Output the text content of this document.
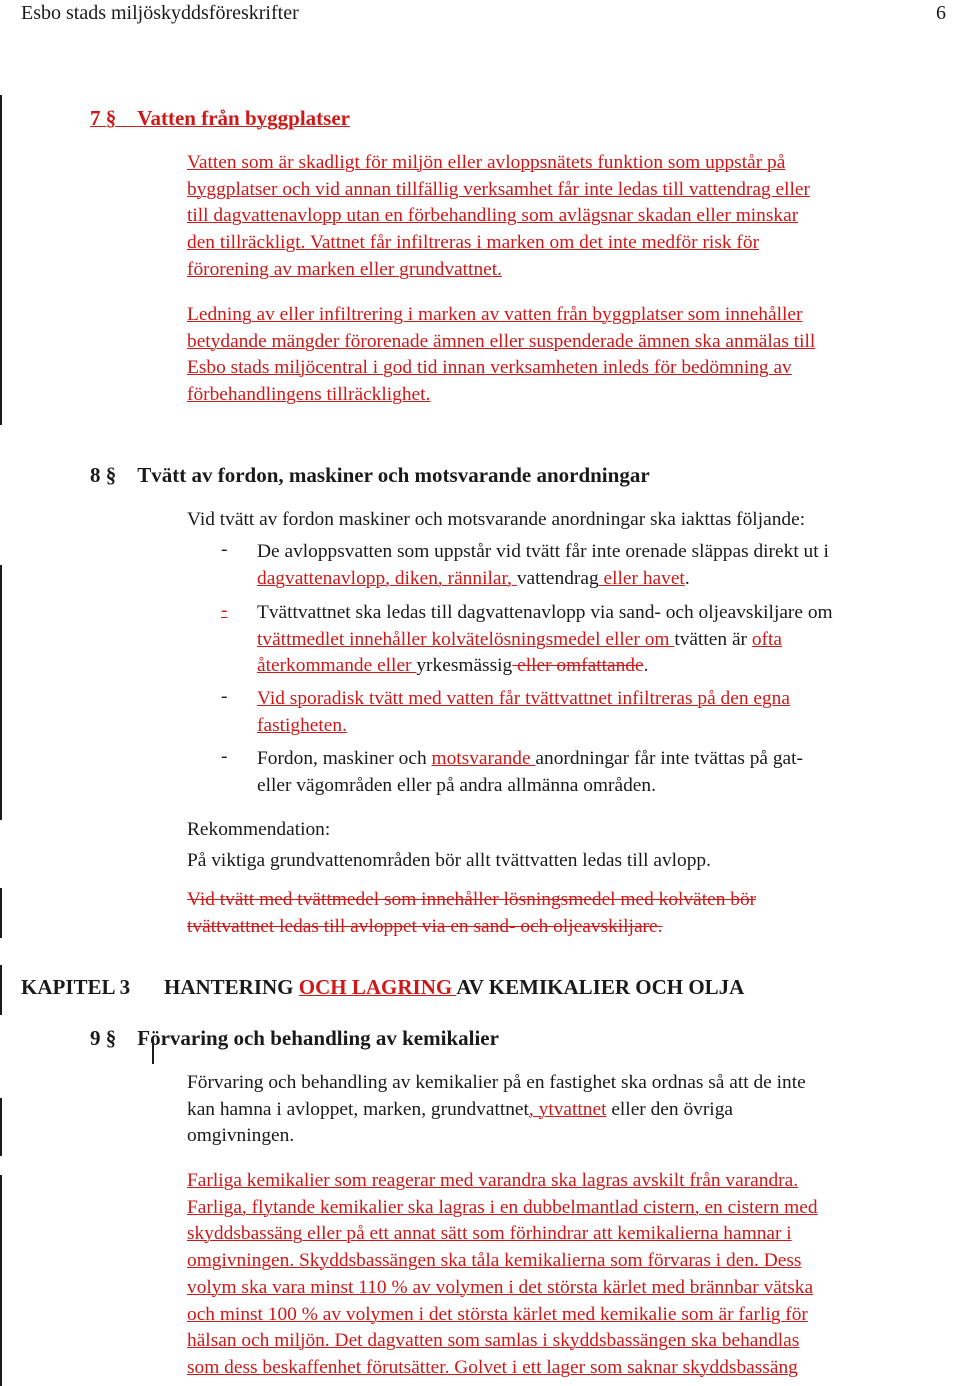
Esbo stads miljöskyddsföreskrifter	6
7 § Vatten från byggplatser

Vatten som är skadligt för miljön eller avloppsnätets funktion som uppstår på

byggplatser och vid annan tillfällig verksamhet får inte ledas till vattendrag eller

till dagvattenavlopp utan en förbehandling som avlägsnar skadan eller minskar

den tillräckligt. Vattnet får infiltreras i marken om det inte medför risk för

förorening av marken eller grundvattnet.

Ledning av eller infiltrering i marken av vatten från byggplatser som innehåller

betydande mängder förorenade ämnen eller suspenderade ämnen ska anmälas till

Esbo stads miljöcentral i god tid innan verksamheten inleds för bedömning av

förbehandlingens tillräcklighet.

8 § Tvätt av fordon, maskiner och motsvarande anordningar
Vid tvätt av fordon maskiner och motsvarande anordningar ska iakttas följande:
- De avloppsvatten som uppstår vid tvätt får inte orenade släppas direkt ut i

dagvattenavlopp, diken, rännilar, vattendrag eller havet.

-	Tvättvattnet ska ledas till dagvattenavlopp via sand- och oljeavskiljare om

tvättmedlet innehåller kolvätelösningsmedel eller om tvätten är ofta

återkommande eller yrkesmässig eller omfattande.

- Vid sporadisk tvätt med vatten får tvättvattnet infiltreras på den egna

fastigheten.

- Fordon, maskiner och motsvarande anordningar får inte tvättas på gat-

eller vägområden eller på andra allmänna områden.

Rekommendation:
På viktiga grundvattenområden bör allt tvättvatten ledas till avlopp.

Vid tvätt med tvättmedel som innehåller lösningsmedel med kolväten bör

tvättvattnet ledas till avloppet via en sand- och oljeavskiljare.

KAPITEL 3 HANTERING OCH LAGRING AV KEMIKALIER OCH OLJA
9 § Förvaring och behandling av kemikalier

Förvaring och behandling av kemikalier på en fastighet ska ordnas så att de inte

kan hamna i avloppet, marken, grundvattnet, ytvattnet eller den övriga

omgivningen.

Farliga kemikalier som reagerar med varandra ska lagras avskilt från varandra.

Farliga, flytande kemikalier ska lagras i en dubbelmantlad cistern, en cistern med

skyddsbassäng eller på ett annat sätt som förhindrar att kemikalierna hamnar i

omgivningen. Skyddsbassängen ska tåla kemikalierna som förvaras i den. Dess

volym ska vara minst 110 % av volymen i det största kärlet med brännbar vätska

och minst 100 % av volymen i det största kärlet med kemikalie som är farlig för

hälsan och miljön. Det dagvatten som samlas i skyddsbassängen ska behandlas

som dess beskaffenhet förutsätter. Golvet i ett lager som saknar skyddsbassäng
